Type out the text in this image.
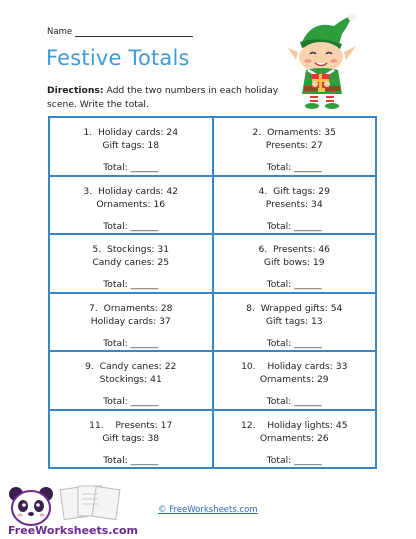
Name
Festive Totals
Directions: Add the two numbers in each holiday scene. Write the total.
1.  Holiday cards: 24
Gift tags: 18
Total: ______
2.  Ornaments: 35
Presents: 27
Total: ______
3.  Holiday cards: 42
Ornaments: 16
Total: ______
4.  Gift tags: 29
Presents: 34
Total: ______
5.  Stockings: 31
Candy canes: 25
Total: ______
6.  Presents: 46
Gift bows: 19
Total: ______
7.  Ornaments: 28
Holiday cards: 37
Total: ______
8.  Wrapped gifts: 54
Gift tags: 13
Total: ______
9.  Candy canes: 22
Stockings: 41
Total: ______
10.    Holiday cards: 33
Ornaments: 29
Total: ______
11.    Presents: 17
Gift tags: 38
Total: ______
12.    Holiday lights: 45
Ornaments: 26
Total: ______
FreeWorksheets.com
© FreeWorksheets.com
